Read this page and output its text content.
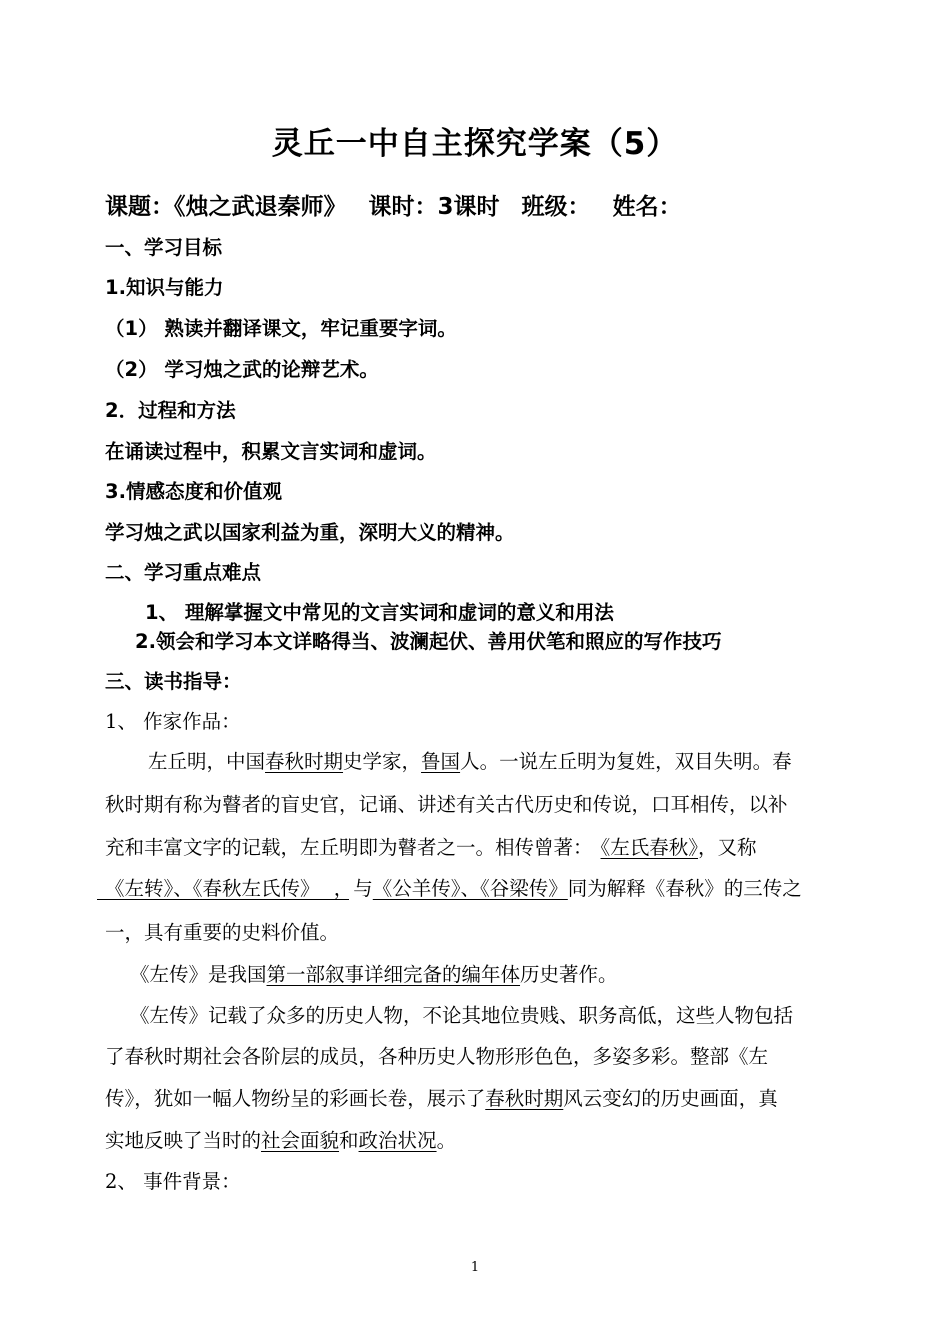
灵丘一中自主探究学案（5）
课题：《烛之武退秦师》 课时：3课时 班级： 姓名：
一、学习目标
1.知识与能力
（1） 熟读并翻译课文，牢记重要字词。
（2） 学习烛之武的论辩艺术。
2．过程和方法
在诵读过程中，积累文言实词和虚词。
3.情感态度和价值观
学习烛之武以国家利益为重，深明大义的精神。
二、学习重点难点
1、 理解掌握文中常见的文言实词和虚词的意义和用法
2.领会和学习本文详略得当、波澜起伏、善用伏笔和照应的写作技巧
三、读书指导：
1、 作家作品：
左丘明，中国春秋时期史学家，鲁国人。一说左丘明为复姓，双目失明。春
秋时期有称为瞽者的盲史官，记诵、讲述有关古代历史和传说，口耳相传，以补
充和丰富文字的记载，左丘明即为瞽者之一。相传曾著： 《左氏春秋》，又称
《左转》、《春秋左氏传》 ，与《公羊传》、《谷梁传》同为解释《春秋》的三传之
一，具有重要的史料价值。
《左传》是我国第一部叙事详细完备的编年体历史著作。
《左传》记载了众多的历史人物，不论其地位贵贱、职务高低，这些人物包括
了春秋时期社会各阶层的成员，各种历史人物形形色色，多姿多彩。整部《左
传》，犹如一幅人物纷呈的彩画长卷，展示了春秋时期风云变幻的历史画面，真
实地反映了当时的社会面貌和政治状况。
2、 事件背景：
1
